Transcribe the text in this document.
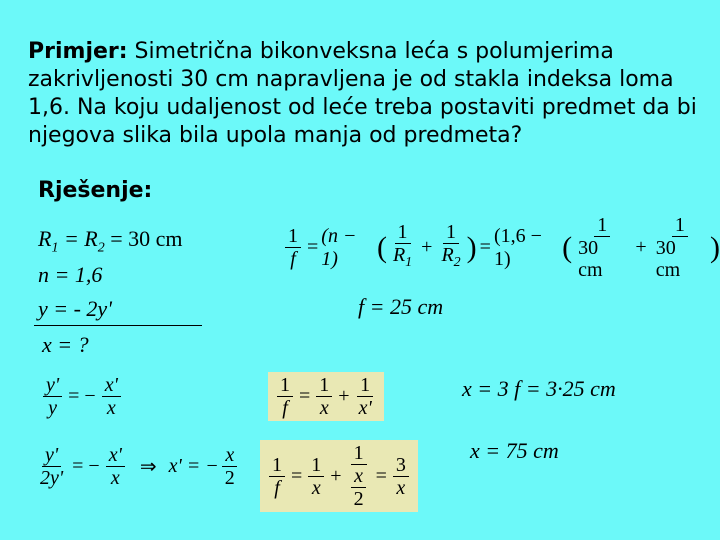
Primjer: Simetrična bikonveksna leća s polumjerima zakrivljenosti 30 cm napravljena je od stakla indeksa loma 1,6. Na koju udaljenost od leće treba postaviti predmet da bi njegova slika bila upola manja od predmeta?
Rješenje:
$R_1 = R_2 = 30$ cm
n = 1,6
y = - 2y'
x = ?
$\frac{1}{f}$ =
(n − 1)	( $\frac{1}{R_1} + \frac{1}{R_2}$ ) =
(1,6 − 1)	( $\frac{1}{30 cm} + \frac{1}{30 cm}$ )
f = 25 cm
$\frac{y'}{y}$ = − $\frac{x'}{x}$	$\frac{1}{f} = \frac{1}{x} + \frac{1}{x'}$	x = 3 f = 3·25 cm
$\frac{y'}{2y'}$ = − $\frac{x'}{x}$ ⇒ x' = − $\frac{x}{2} \frac{1}{f} = \frac{1}{x} + \frac{1}{\frac{x}{2}} = \frac{3}{x}$
x = 75 cm
